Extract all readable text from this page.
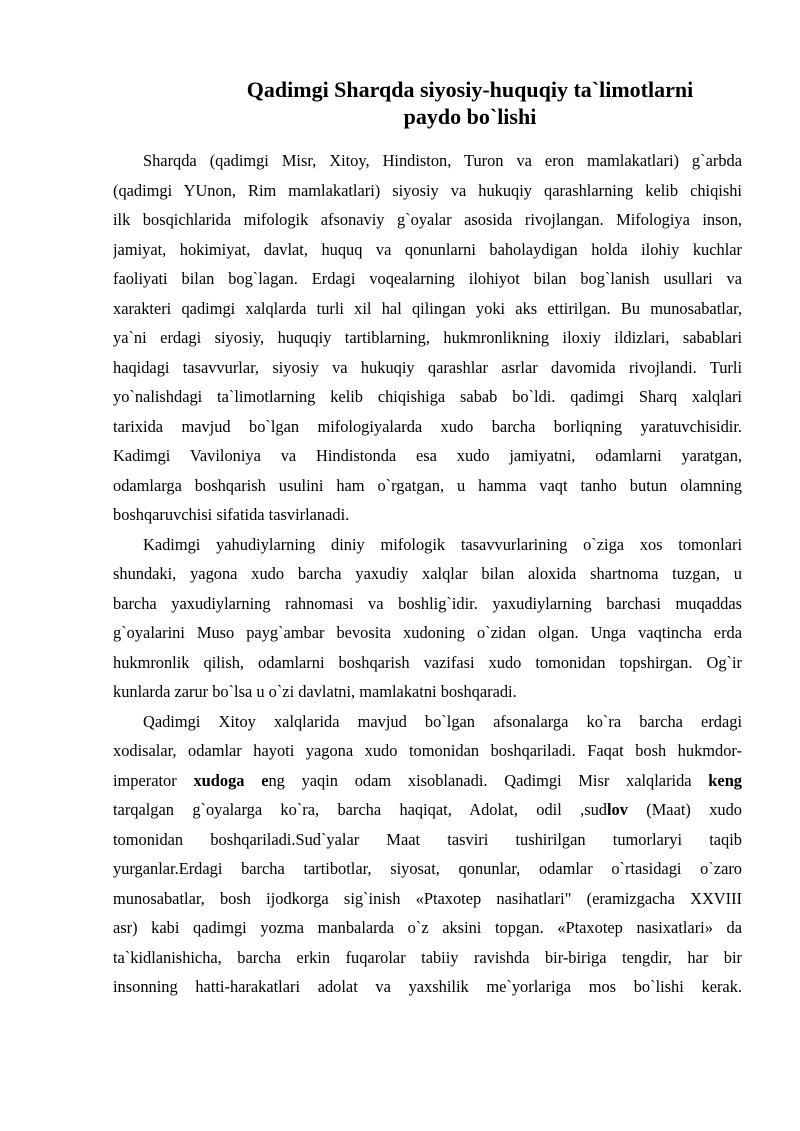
Qadimgi Sharqda siyosiy-huquqiy ta`limotlarni
paydo bo`lishi
Sharqda (qadimgi Misr, Xitoy, Hindiston, Turon va eron mamlakatlari) g`arbda
(qadimgi YUnon, Rim mamlakatlari) siyosiy va hukuqiy qarashlarning kelib chiqishi
ilk bosqichlarida mifologik afsonaviy g`oyalar asosida rivojlangan. Mifologiya inson,
jamiyat, hokimiyat, davlat, huquq va qonunlarni baholaydigan holda ilohiy kuchlar
faoliyati bilan bog`lagan. Erdagi voqealarning ilohiyot bilan bog`lanish usullari va
xarakteri qadimgi xalqlarda turli xil hal qilingan yoki aks ettirilgan. Bu munosabatlar,
ya`ni erdagi siyosiy, huquqiy tartiblarning, hukmronlikning iloxiy ildizlari, sabablari
haqidagi tasavvurlar, siyosiy va hukuqiy qarashlar asrlar davomida rivojlandi. Turli
yo`nalishdagi ta`limotlarning kelib chiqishiga sabab bo`ldi. qadimgi Sharq xalqlari
tarixida mavjud bo`lgan mifologiyalarda xudo barcha borliqning yaratuvchisidir.
Kadimgi Vaviloniya va Hindistonda esa xudo jamiyatni, odamlarni yaratgan,
odamlarga boshqarish usulini ham o`rgatgan, u hamma vaqt tanho butun olamning
boshqaruvchisi sifatida tasvirlanadi.
Kadimgi yahudiylarning diniy mifologik tasavvurlarining o`ziga xos tomonlari
shundaki, yagona xudo barcha yaxudiy xalqlar bilan aloxida shartnoma tuzgan, u
barcha yaxudiylarning rahnomasi va boshlig`idir. yaxudiylarning barchasi muqaddas
g`oyalarini Muso payg`ambar bevosita xudoning o`zidan olgan. Unga vaqtincha erda
hukmronlik qilish, odamlarni boshqarish vazifasi xudo tomonidan topshirgan. Og`ir
kunlarda zarur bo`lsa u o`zi davlatni, mamlakatni boshqaradi.
Qadimgi Xitoy xalqlarida mavjud bo`lgan afsonalarga ko`ra barcha erdagi
xodisalar, odamlar hayoti yagona xudo tomonidan boshqariladi. Faqat bosh hukmdor-
imperator xudoga eng yaqin odam xisoblanadi. Qadimgi Misr xalqlarida keng
tarqalgan g`oyalarga ko`ra, barcha haqiqat, Adolat, odil ,sudlov (Maat) xudo
tomonidan boshqariladi.Sud`yalar Maat tasviri tushirilgan tumorlaryi taqib
yurganlar.Erdagi barcha tartibotlar, siyosat, qonunlar, odamlar o`rtasidagi o`zaro
munosabatlar, bosh ijodkorga sig`inish «Ptaxotep nasihatlari" (eramizgacha XXVIII
asr) kabi qadimgi yozma manbalarda o`z aksini topgan. «Ptaxotep nasixatlari» da
ta`kidlanishicha, barcha erkin fuqarolar tabiiy ravishda bir-biriga tengdir, har bir
insonning hatti-harakatlari adolat va yaxshilik me`yorlariga mos bo`lishi kerak.
